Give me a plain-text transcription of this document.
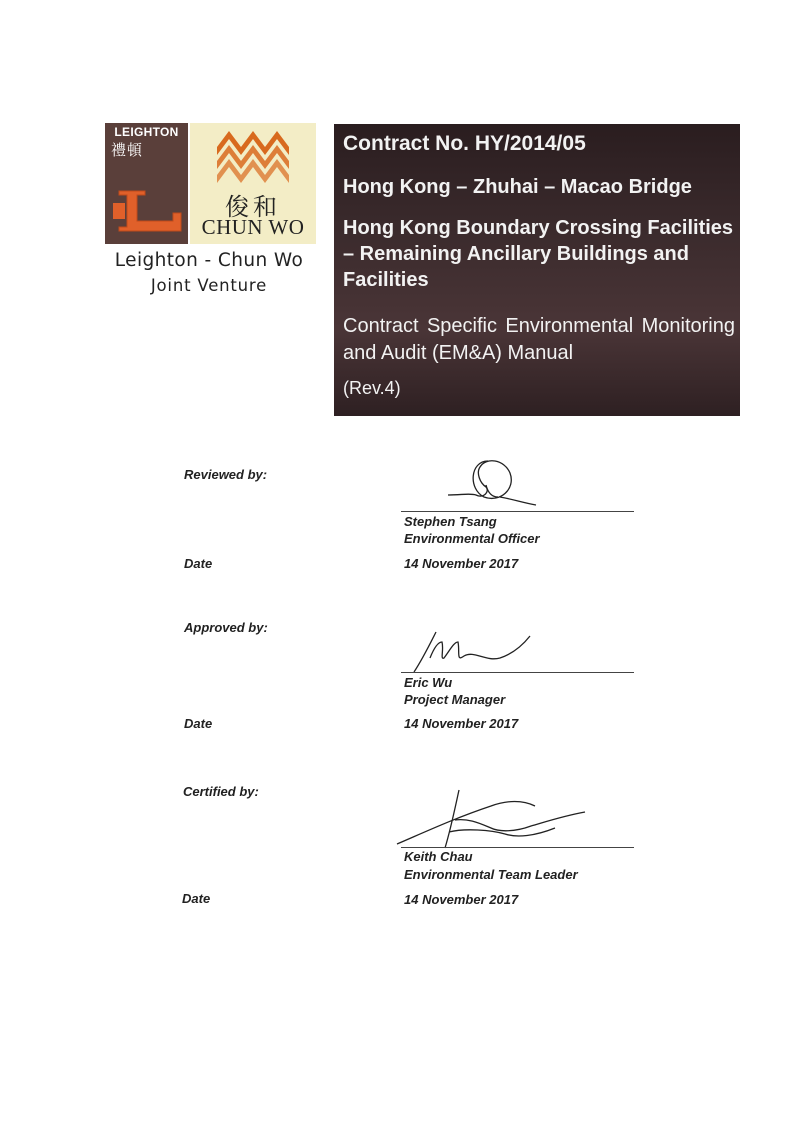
LEIGHTON
禮頓
俊和
CHUN WO
Leighton - Chun Wo
Joint Venture
Contract No. HY/2014/05
Hong Kong – Zhuhai – Macao Bridge
Hong Kong Boundary Crossing Facilities – Remaining Ancillary Buildings and Facilities
Contract Specific Environmental Monitoring and Audit (EM&A) Manual
(Rev.4)
Reviewed by:
Stephen Tsang
Environmental Officer
Date	14 November 2017
Approved by:
Eric Wu
Project Manager
Date	14 November 2017
Certified by:
Keith Chau
Environmental Team Leader
Date	14 November 2017
